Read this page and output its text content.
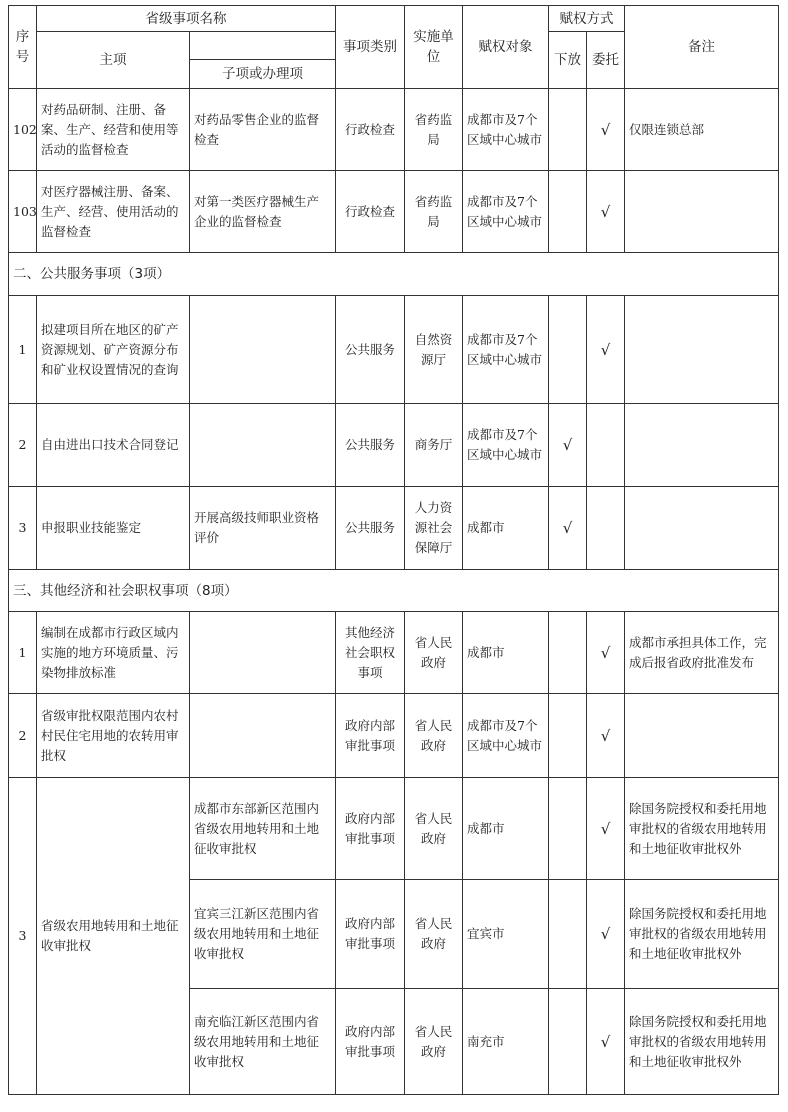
序号	省级事项名称		事项类别	实施单位	赋权对象	赋权方式		备注
	主项					下放	委托	
		子项或办理项						
102	对药品研制、注册、备案、生产、经营和使用等活动的监督检查	对药品零售企业的监督检查	行政检查	省药监局	成都市及7个区域中心城市		√	仅限连锁总部
103	对医疗器械注册、备案、生产、经营、使用活动的监督检查	对第一类医疗器械生产企业的监督检查	行政检查	省药监局	成都市及7个区域中心城市		√	
二、公共服务事项（3项）								
1	拟建项目所在地区的矿产资源规划、矿产资源分布和矿业权设置情况的查询		公共服务	自然资源厅	成都市及7个区域中心城市		√	
2	自由进出口技术合同登记		公共服务	商务厅	成都市及7个区域中心城市	√		
3	申报职业技能鉴定	开展高级技师职业资格评价	公共服务	人力资源社会保障厅	成都市	√		
三、其他经济和社会职权事项（8项）								
1	编制在成都市行政区域内实施的地方环境质量、污染物排放标准		其他经济社会职权事项	省人民政府	成都市		√	成都市承担具体工作，完成后报省政府批准发布
2	省级审批权限范围内农村村民住宅用地的农转用审批权		政府内部审批事项	省人民政府	成都市及7个区域中心城市		√	
3	省级农用地转用和土地征收审批权	成都市东部新区范围内省级农用地转用和土地征收审批权	政府内部审批事项	省人民政府	成都市		√	除国务院授权和委托用地审批权的省级农用地转用和土地征收审批权外
		宜宾三江新区范围内省级农用地转用和土地征收审批权	政府内部审批事项	省人民政府	宜宾市		√	除国务院授权和委托用地审批权的省级农用地转用和土地征收审批权外
		南充临江新区范围内省级农用地转用和土地征收审批权	政府内部审批事项	省人民政府	南充市		√	除国务院授权和委托用地审批权的省级农用地转用和土地征收审批权外
